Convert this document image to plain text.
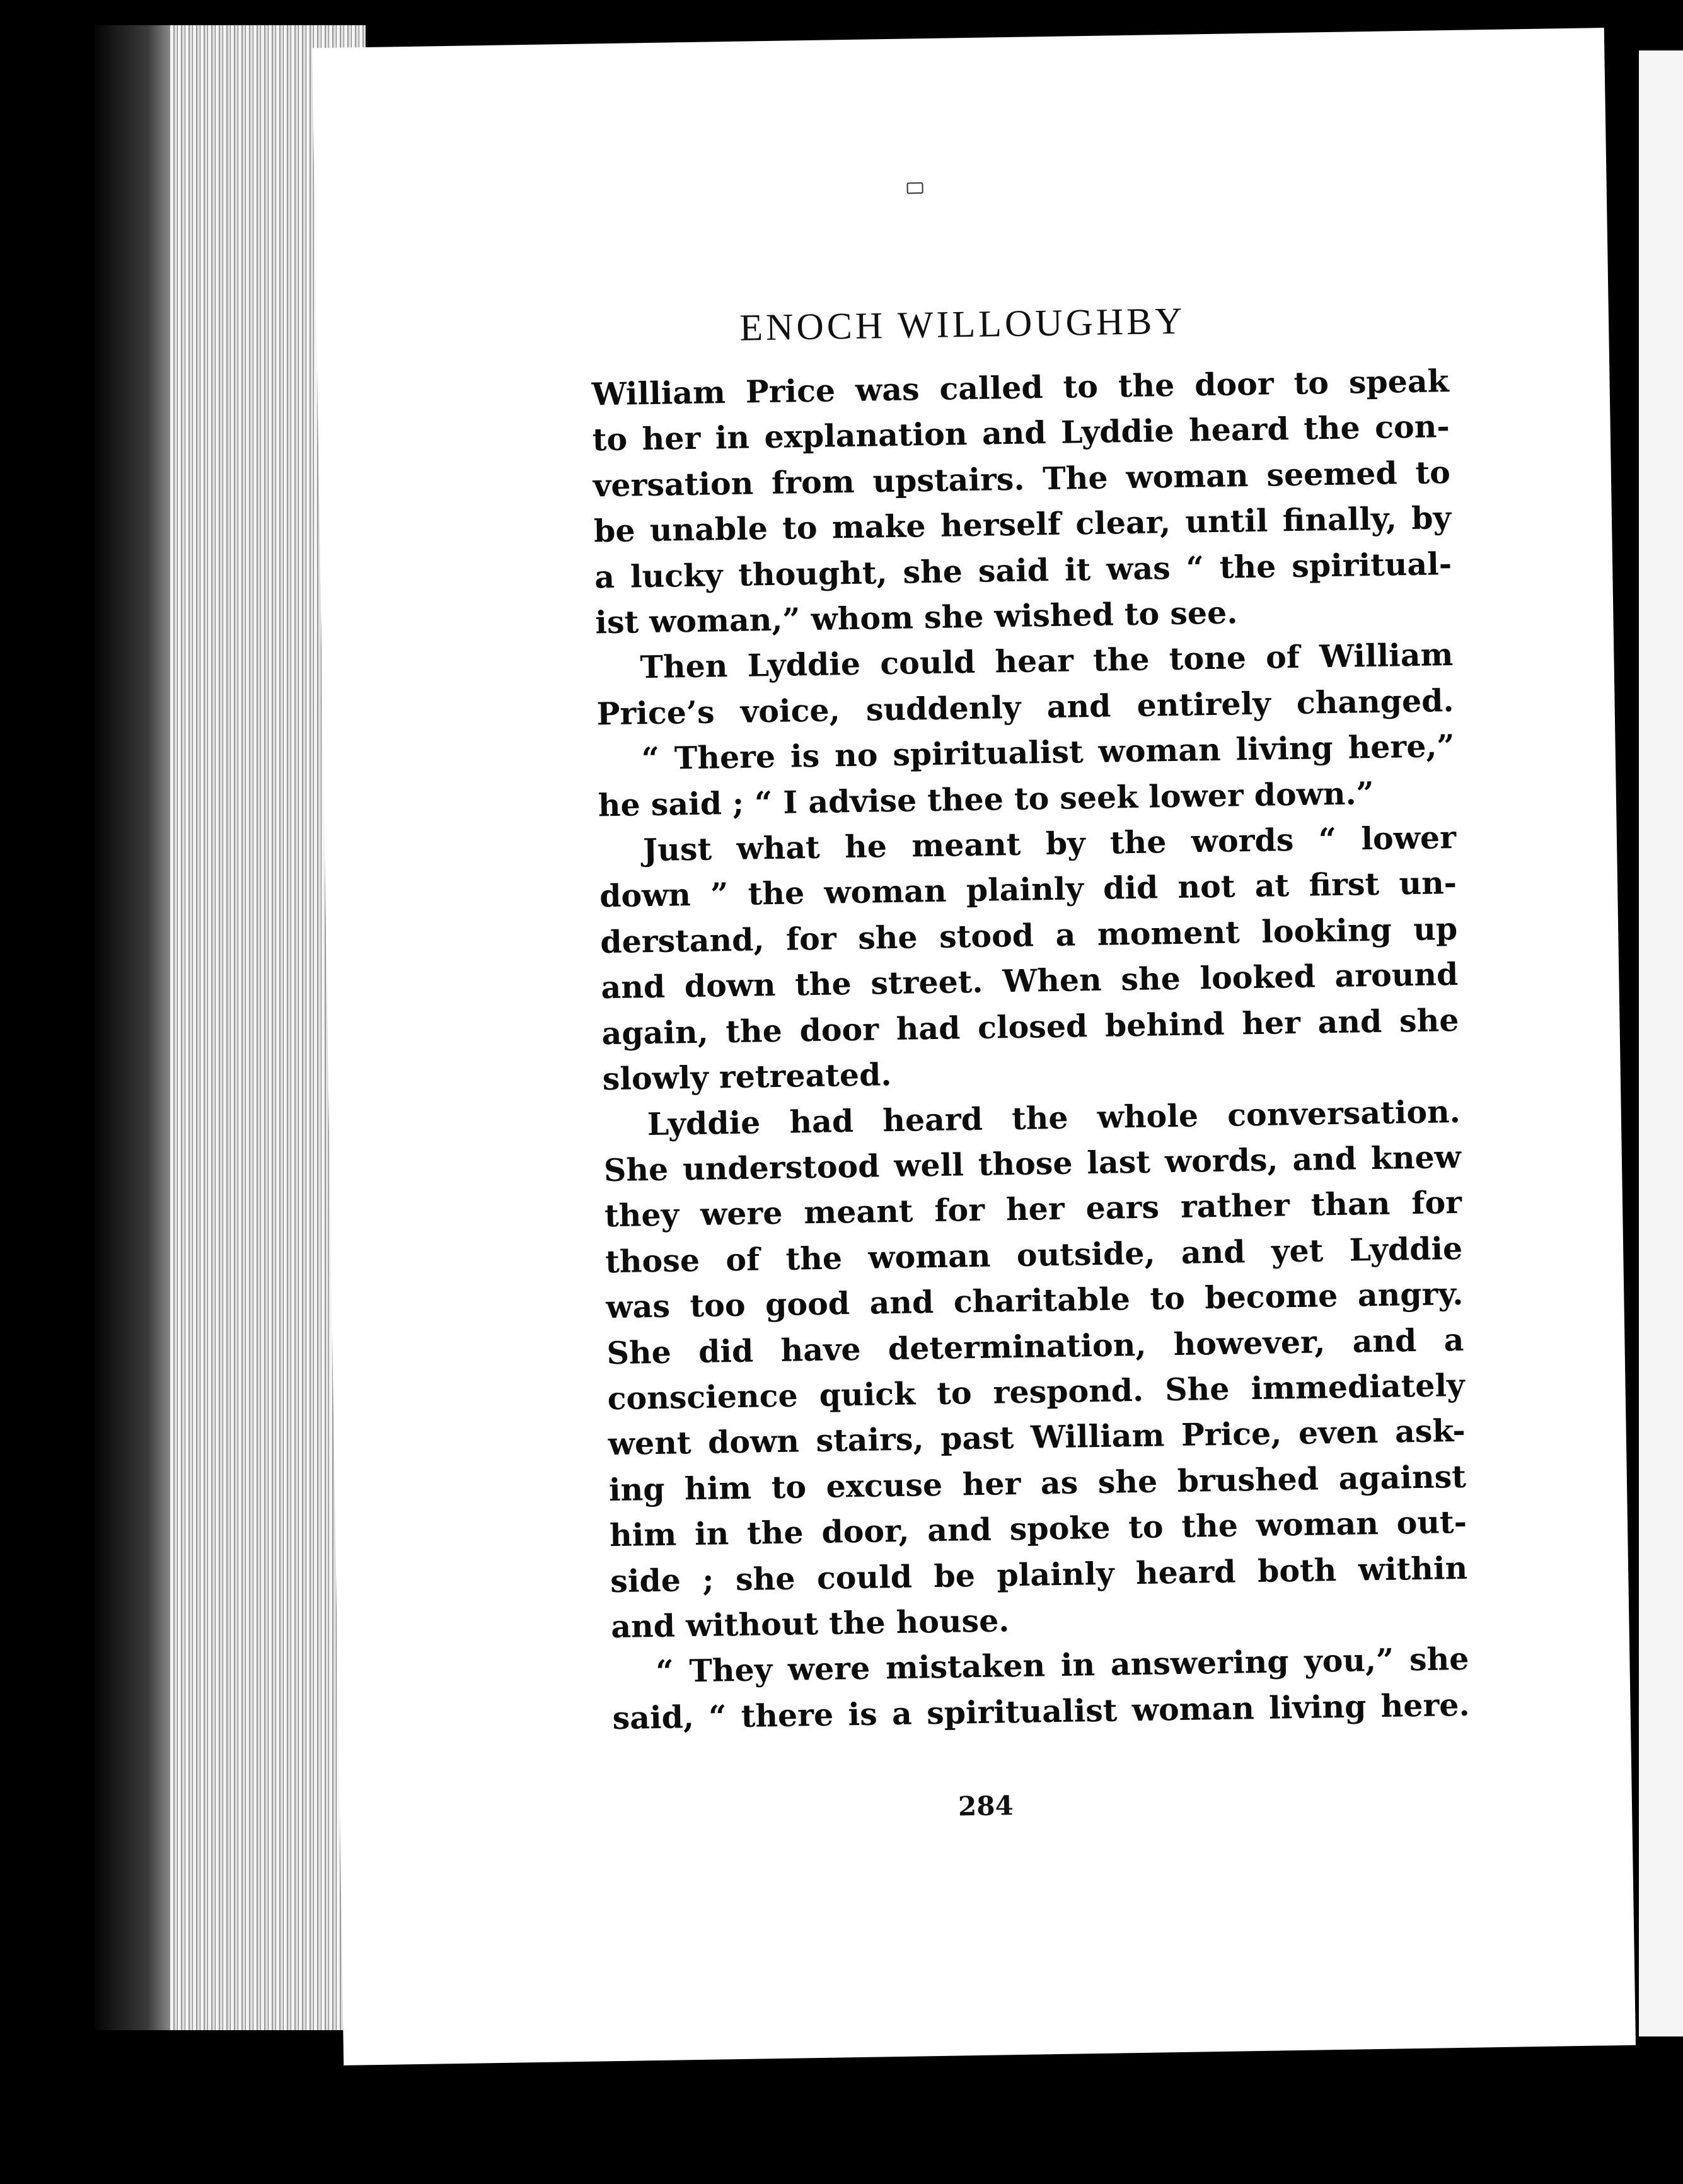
ENOCH WILLOUGHBY
William Price was called to the door to speak
to her in explanation and Lyddie heard the con-
versation from upstairs. The woman seemed to
be unable to make herself clear, until finally, by
a lucky thought, she said it was “ the spiritual-
ist woman,” whom she wished to see.
Then Lyddie could hear the tone of William
Price’s voice, suddenly and entirely changed.
“ There is no spiritualist woman living here,”
he said ; “ I advise thee to seek lower down.”
Just what he meant by the words “ lower
down ” the woman plainly did not at first un-
derstand, for she stood a moment looking up
and down the street. When she looked around
again, the door had closed behind her and she
slowly retreated.
Lyddie had heard the whole conversation.
She understood well those last words, and knew
they were meant for her ears rather than for
those of the woman outside, and yet Lyddie
was too good and charitable to become angry.
She did have determination, however, and a
conscience quick to respond. She immediately
went down stairs, past William Price, even ask-
ing him to excuse her as she brushed against
him in the door, and spoke to the woman out-
side ; she could be plainly heard both within
and without the house.
“ They were mistaken in answering you,” she
said, “ there is a spiritualist woman living here.
284
